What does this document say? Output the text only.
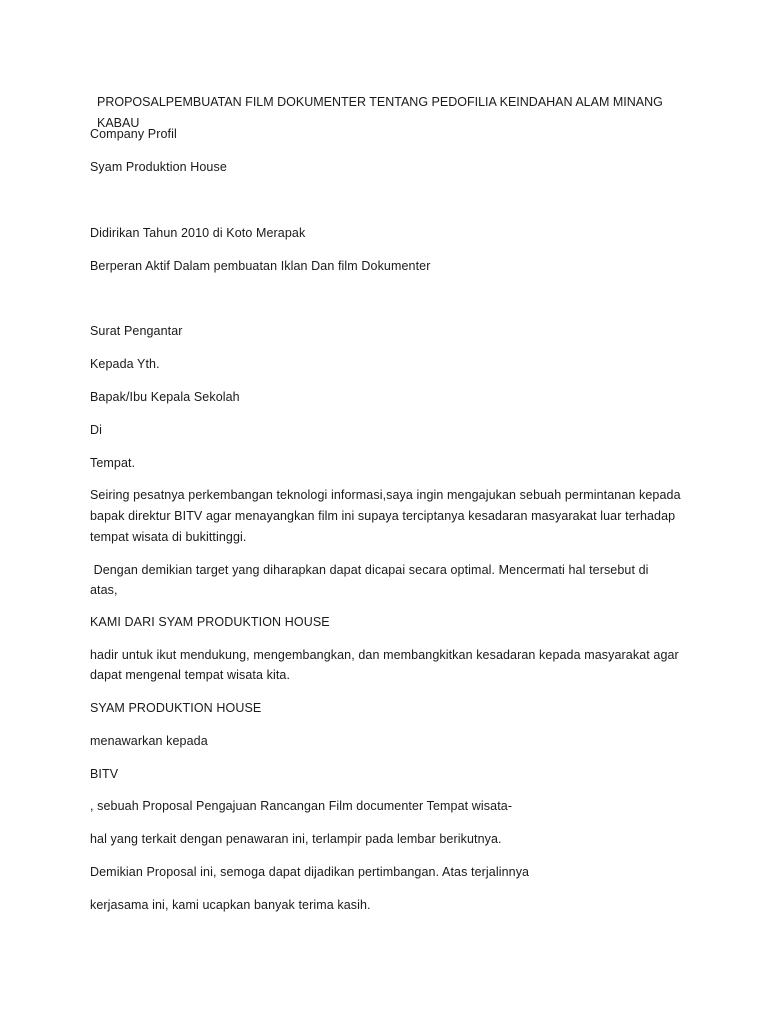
PROPOSALPEMBUATAN FILM DOKUMENTER TENTANG PEDOFILIA KEINDAHAN ALAM MINANG KABAU
Company Profil
Syam Produktion House
Didirikan Tahun 2010 di Koto Merapak
Berperan Aktif Dalam pembuatan Iklan Dan film Dokumenter
Surat Pengantar
Kepada Yth.
Bapak/Ibu Kepala Sekolah
Di
Tempat.
Seiring pesatnya perkembangan teknologi informasi,saya ingin mengajukan sebuah permintanan kepada
bapak direktur BITV agar menayangkan film ini supaya terciptanya kesadaran masyarakat luar terhadap
tempat wisata di bukittinggi.
Dengan demikian target yang diharapkan dapat dicapai secara optimal. Mencermati hal tersebut di
atas,
KAMI DARI SYAM PRODUKTION HOUSE
hadir untuk ikut mendukung, mengembangkan, dan membangkitkan kesadaran kepada masyarakat agar
dapat mengenal tempat wisata kita.
SYAM PRODUKTION HOUSE
menawarkan kepada
BITV
, sebuah Proposal Pengajuan Rancangan Film documenter Tempat wisata-
hal yang terkait dengan penawaran ini, terlampir pada lembar berikutnya.
Demikian Proposal ini, semoga dapat dijadikan pertimbangan. Atas terjalinnya
kerjasama ini, kami ucapkan banyak terima kasih.
